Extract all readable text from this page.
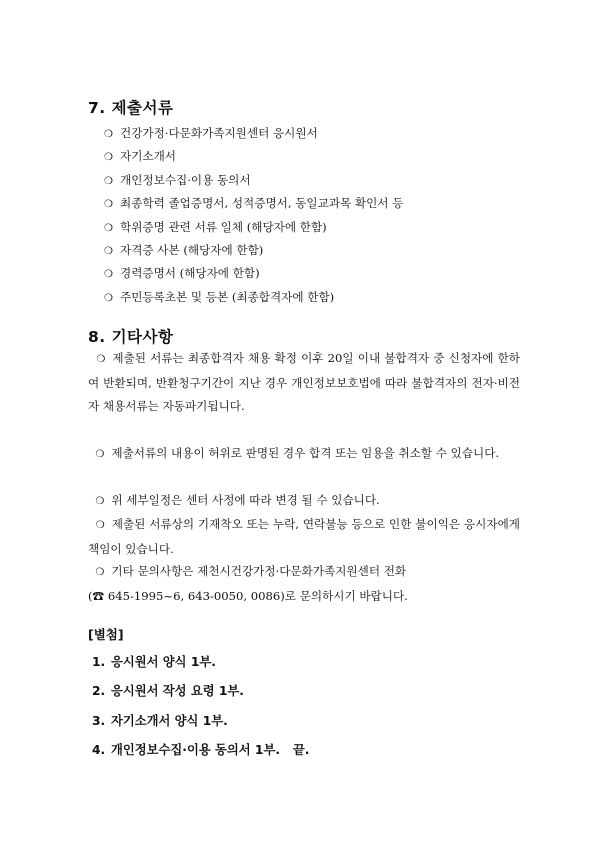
7. 제출서류
❍ 건강가정·다문화가족지원센터 응시원서
❍ 자기소개서
❍ 개인정보수집·이용 동의서
❍ 최종학력 졸업증명서, 성적증명서, 동일교과목 확인서 등
❍ 학위증명 관련 서류 일체 (해당자에 한함)
❍ 자격증 사본 (해당자에 한함)
❍ 경력증명서 (해당자에 한함)
❍ 주민등록초본 및 등본 (최종합격자에 한함)
8. 기타사항

❍ 제출된 서류는 최종합격자 채용 확정 이후 20일 이내 불합격자 중 신청자에 한하여 반환되며, 반환청구기간이 지난 경우 개인정보보호법에 따라 불합격자의 전자·비전자 채용서류는 자동파기됩니다.

❍ 제출서류의 내용이 허위로 판명된 경우 합격 또는 임용을 취소할 수 있습니다.

❍ 위 세부일정은 센터 사정에 따라 변경 될 수 있습니다.

❍ 제출된 서류상의 기재착오 또는 누락, 연락불능 등으로 인한 불이익은 응시자에게 책임이 있습니다.

❍ 기타 문의사항은 제천시건강가정·다문화가족지원센터 전화
(☎ 645-1995~6, 643-0050, 0086)로 문의하시기 바랍니다.

[별첨]

1. 응시원서 양식 1부.
2. 응시원서 작성 요령 1부.
3. 자기소개서 양식 1부.
4. 개인정보수집·이용 동의서 1부.   끝.
